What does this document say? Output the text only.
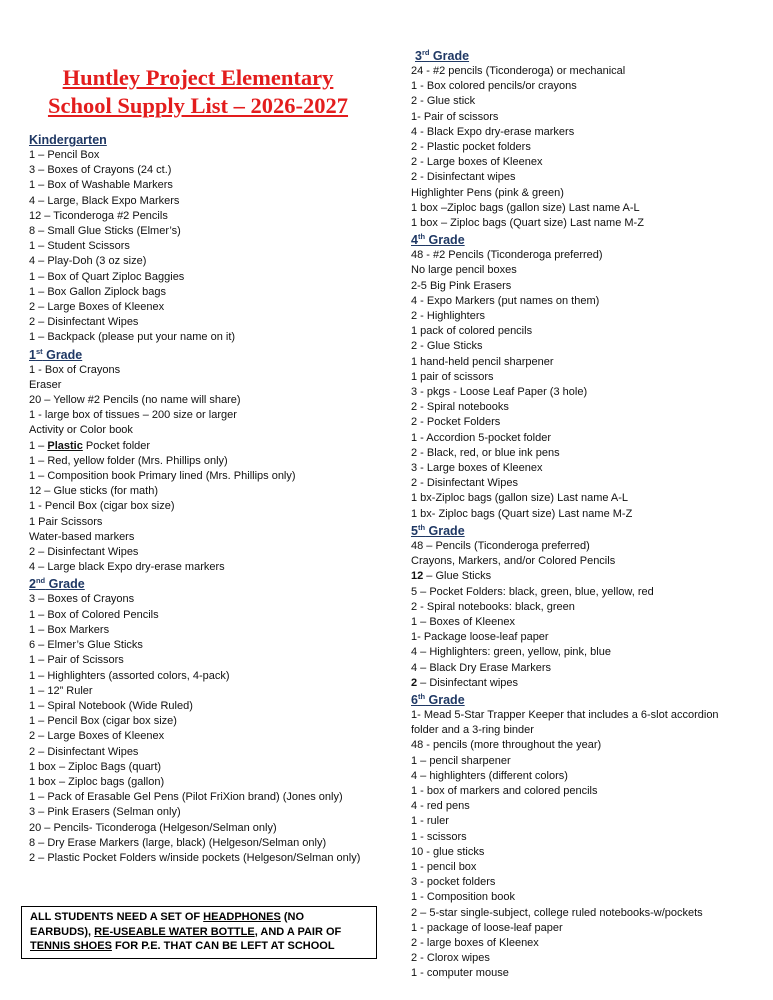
Huntley Project Elementary
School Supply List – 2026-2027
Kindergarten
1 – Pencil Box
3 – Boxes of Crayons (24 ct.)
1 – Box of Washable Markers
4 – Large, Black Expo Markers
12 – Ticonderoga #2 Pencils
8 – Small Glue Sticks (Elmer’s)
1 – Student Scissors
4 – Play-Doh (3 oz size)
1 – Box of Quart Ziploc Baggies
1 – Box Gallon Ziplock bags
2 – Large Boxes of Kleenex
2 – Disinfectant Wipes
1 – Backpack (please put your name on it)
1st Grade
1 - Box of Crayons
Eraser
20 – Yellow #2 Pencils (no name will share)
1 - large box of tissues – 200 size or larger
Activity or Color book
1 – Plastic Pocket folder
1 – Red, yellow folder (Mrs. Phillips only)
1 – Composition book Primary lined (Mrs. Phillips only)
12 – Glue sticks (for math)
1 - Pencil Box (cigar box size)
1 Pair Scissors
Water-based markers
2 – Disinfectant Wipes
4 – Large black Expo dry-erase markers
2nd Grade
3 – Boxes of Crayons
1 – Box of Colored Pencils
1 – Box Markers
6 – Elmer’s Glue Sticks
1 – Pair of Scissors
1 – Highlighters (assorted colors, 4-pack)
1 – 12” Ruler
1 – Spiral Notebook (Wide Ruled)
1 – Pencil Box (cigar box size)
2 – Large Boxes of Kleenex
2 – Disinfectant Wipes
1 box – Ziploc Bags (quart)
1 box – Ziploc bags (gallon)
1 – Pack of Erasable Gel Pens (Pilot FriXion brand) (Jones only)
3 – Pink Erasers (Selman only)
20 – Pencils- Ticonderoga (Helgeson/Selman only)
8 – Dry Erase Markers (large, black) (Helgeson/Selman only)
2 – Plastic Pocket Folders w/inside pockets (Helgeson/Selman only)
3rd Grade
24 - #2 pencils (Ticonderoga) or mechanical
1 - Box colored pencils/or crayons
2 - Glue stick
1- Pair of scissors
4 - Black Expo dry-erase markers
2 - Plastic pocket folders
2 - Large boxes of Kleenex
2 - Disinfectant wipes
Highlighter Pens (pink & green)
1 box –Ziploc bags (gallon size) Last name A-L
1 box – Ziploc bags (Quart size) Last name M-Z
4th Grade
48 - #2 Pencils (Ticonderoga preferred)
No large pencil boxes
2-5 Big Pink Erasers
4 - Expo Markers (put names on them)
2 - Highlighters
1 pack of colored pencils
2 - Glue Sticks
1 hand-held pencil sharpener
1 pair of scissors
3 - pkgs - Loose Leaf Paper (3 hole)
2 - Spiral notebooks
2 - Pocket Folders
1 - Accordion 5-pocket folder
2 - Black, red, or blue ink pens
3 - Large boxes of Kleenex
2 - Disinfectant Wipes
1 bx-Ziploc bags (gallon size) Last name A-L
1 bx- Ziploc bags (Quart size) Last name M-Z
5th Grade
48 – Pencils (Ticonderoga preferred)
Crayons, Markers, and/or Colored Pencils
12 – Glue Sticks
5 – Pocket Folders: black, green, blue, yellow, red
2 - Spiral notebooks: black, green
1 – Boxes of Kleenex
1- Package loose-leaf paper
4 – Highlighters: green, yellow, pink, blue
4 – Black Dry Erase Markers
2 – Disinfectant wipes
6th Grade
1- Mead 5-Star Trapper Keeper that includes a 6-slot accordion
folder and a 3-ring binder
48 - pencils (more throughout the year)
1 – pencil sharpener
4 – highlighters (different colors)
1 - box of markers and colored pencils
4 - red pens
1 - ruler
1 - scissors
10 - glue sticks
1 - pencil box
3 - pocket folders
1 - Composition book
2 – 5-star single-subject, college ruled notebooks-w/pockets
1 - package of loose-leaf paper
2 - large boxes of Kleenex
2 - Clorox wipes
1 - computer mouse
ALL STUDENTS NEED A SET OF HEADPHONES (NO EARBUDS), RE-USEABLE WATER BOTTLE, AND A PAIR OF TENNIS SHOES FOR P.E. THAT CAN BE LEFT AT SCHOOL
